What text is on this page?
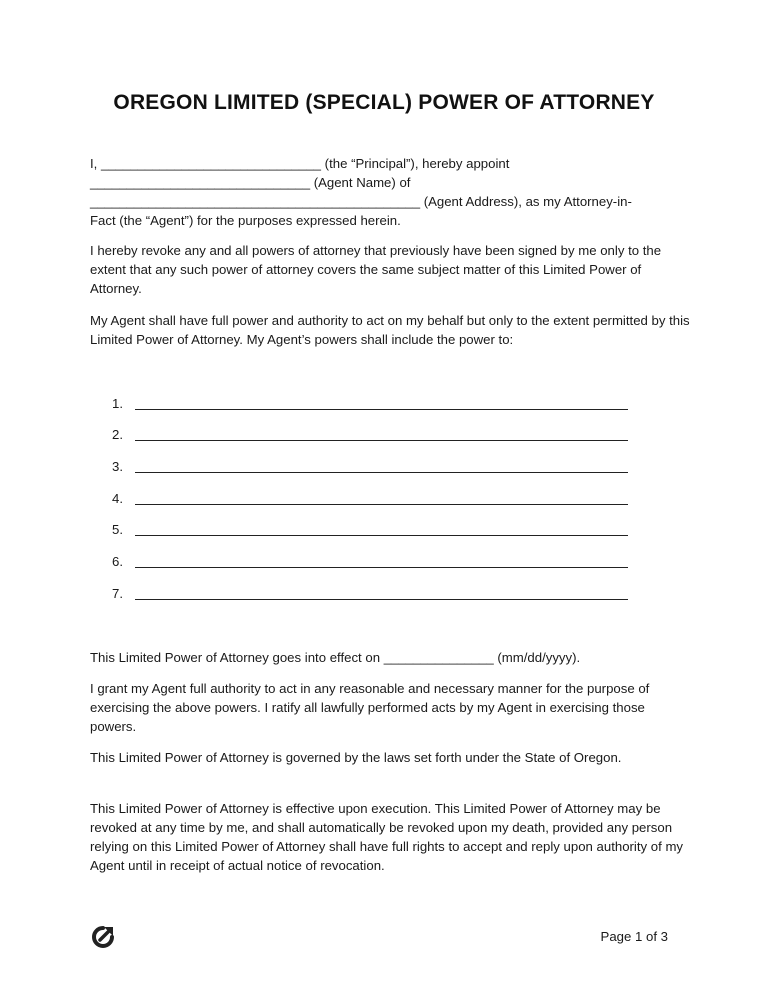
OREGON LIMITED (SPECIAL) POWER OF ATTORNEY
I, ______________________________ (the “Principal”), hereby appoint
______________________________ (Agent Name) of
_____________________________________________ (Agent Address), as my Attorney-in-
Fact (the “Agent”) for the purposes expressed herein.

I hereby revoke any and all powers of attorney that previously have been signed by me only to the extent that any such power of attorney covers the same subject matter of this Limited Power of Attorney.

My Agent shall have full power and authority to act on my behalf but only to the extent permitted by this Limited Power of Attorney. My Agent’s powers shall include the power to:

1.
2.
3.
4.
5.
6.
7.
This Limited Power of Attorney goes into effect on _______________ (mm/dd/yyyy).

I grant my Agent full authority to act in any reasonable and necessary manner for the purpose of exercising the above powers. I ratify all lawfully performed acts by my Agent in exercising those powers.

This Limited Power of Attorney is governed by the laws set forth under the State of Oregon.

This Limited Power of Attorney is effective upon execution. This Limited Power of Attorney may be revoked at any time by me, and shall automatically be revoked upon my death, provided any person relying on this Limited Power of Attorney shall have full rights to accept and reply upon authority of my Agent until in receipt of actual notice of revocation.

Page 1 of 3
